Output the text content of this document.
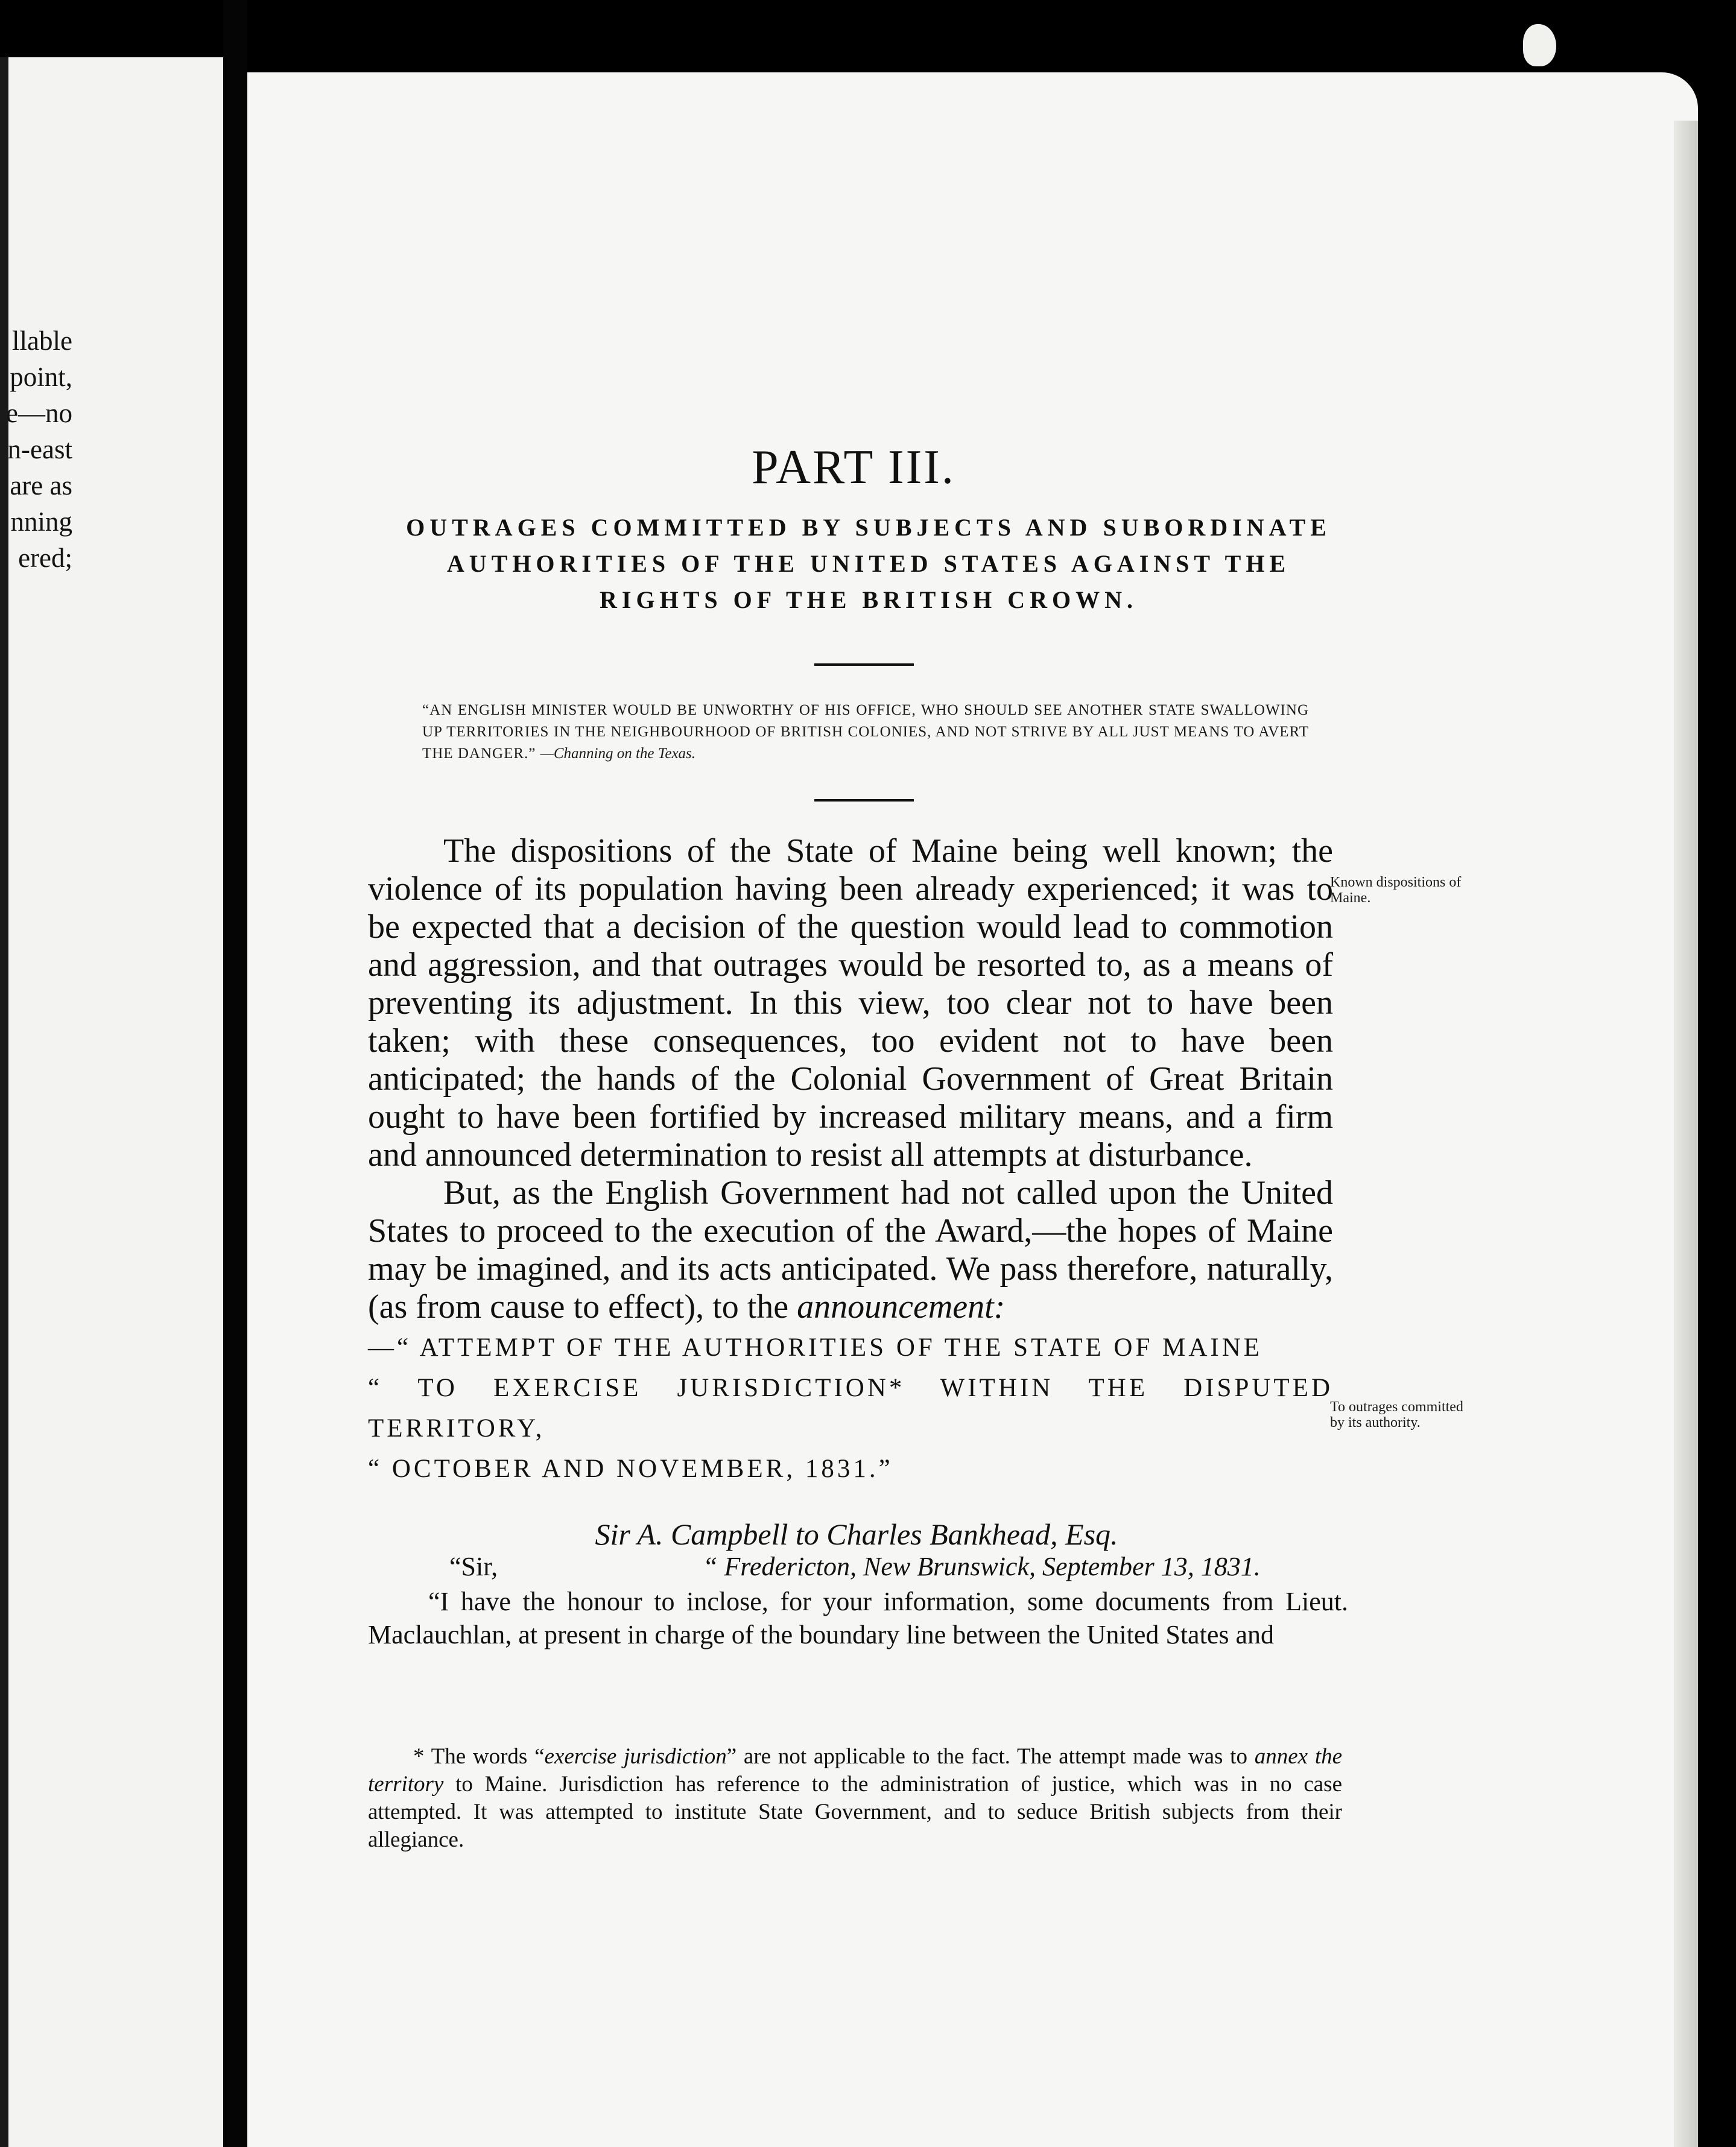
llable
point,
e—no
n-east
are as
nning
ered;
PART III.
OUTRAGES COMMITTED BY SUBJECTS AND SUBORDINATE AUTHORITIES OF THE UNITED STATES AGAINST THE RIGHTS OF THE BRITISH CROWN.
“AN ENGLISH MINISTER WOULD BE UNWORTHY OF HIS OFFICE, WHO SHOULD SEE ANOTHER STATE SWALLOWING UP TERRITORIES IN THE NEIGHBOURHOOD OF BRITISH COLONIES, AND NOT STRIVE BY ALL JUST MEANS TO AVERT THE DANGER.” —Channing on the Texas.

The dispositions of the State of Maine being well known; the violence of its population having been already experienced; it was to be expected that a decision of the question would lead to commotion and aggression, and that outrages would be resorted to, as a means of preventing its adjustment. In this view, too clear not to have been taken; with these consequences, too evident not to have been anticipated; the hands of the Colonial Government of Great Britain ought to have been fortified by increased military means, and a firm and announced determination to resist all attempts at disturbance.

But, as the English Government had not called upon the United States to proceed to the execution of the Award,—the hopes of Maine may be imagined, and its acts anticipated. We pass therefore, naturally, (as from cause to effect), to the announcement:
—“ ATTEMPT OF THE AUTHORITIES OF THE STATE OF MAINE
“ TO EXERCISE JURISDICTION* WITHIN THE DISPUTED TERRITORY,
“ OCTOBER AND NOVEMBER, 1831.”

Known dispositions of Maine.
To outrages committed by its authority.
Sir A. Campbell to Charles Bankhead, Esq.
“Sir,	“ Fredericton, New Brunswick, September 13, 1831.

“I have the honour to inclose, for your information, some documents from Lieut. Maclauchlan, at present in charge of the boundary line between the United States and

* The words “exercise jurisdiction” are not applicable to the fact. The attempt made was to annex the territory to Maine. Jurisdiction has reference to the administration of justice, which was in no case attempted. It was attempted to institute State Government, and to seduce British subjects from their allegiance.
